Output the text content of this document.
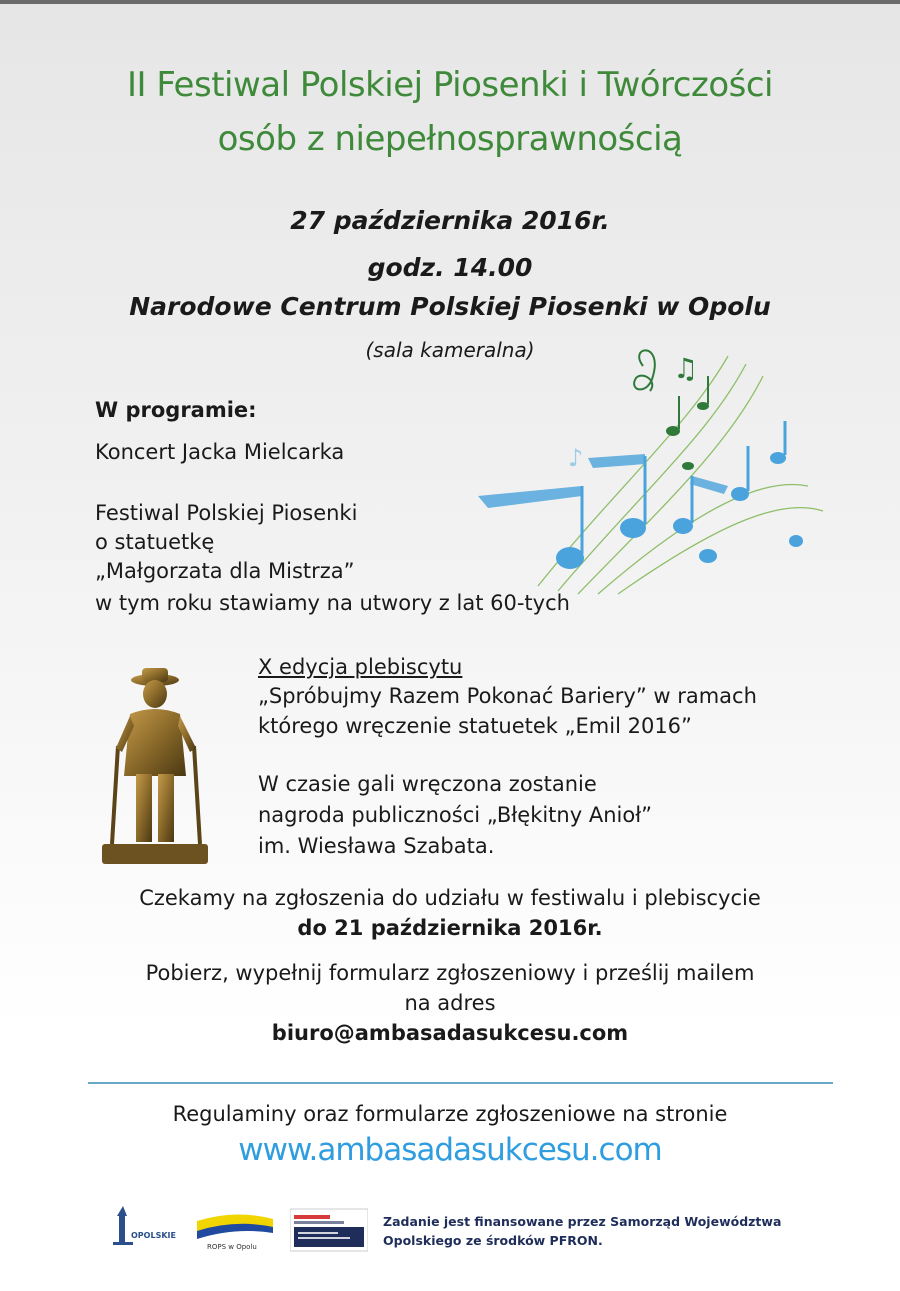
II Festiwal Polskiej Piosenki i Twórczości
osób z niepełnosprawnością
27 października 2016r.
godz. 14.00
Narodowe Centrum Polskiej Piosenki w Opolu
(sala kameralna)
♫
♪
W programie:
Koncert Jacka Mielcarka
Festiwal Polskiej Piosenki
o statuetkę
„Małgorzata dla Mistrza”
w tym roku stawiamy na utwory z lat 60-tych
X edycja plebiscytu
„Spróbujmy Razem Pokonać Bariery” w ramach
którego wręczenie statuetek „Emil 2016”
W czasie gali wręczona zostanie
nagroda publiczności „Błękitny Anioł”
im. Wiesława Szabata.
Czekamy na zgłoszenia do udziału w festiwalu i plebiscycie
do 21 października 2016r.
Pobierz, wypełnij formularz zgłoszeniowy i prześlij mailem
na adres
biuro@ambasadasukcesu.com
Regulaminy oraz formularze zgłoszeniowe na stronie
www.ambasadasukcesu.com
OPOLSKIE
ROPS w Opolu
Zadanie jest finansowane przez Samorząd Województwa
Opolskiego ze środków PFRON.
